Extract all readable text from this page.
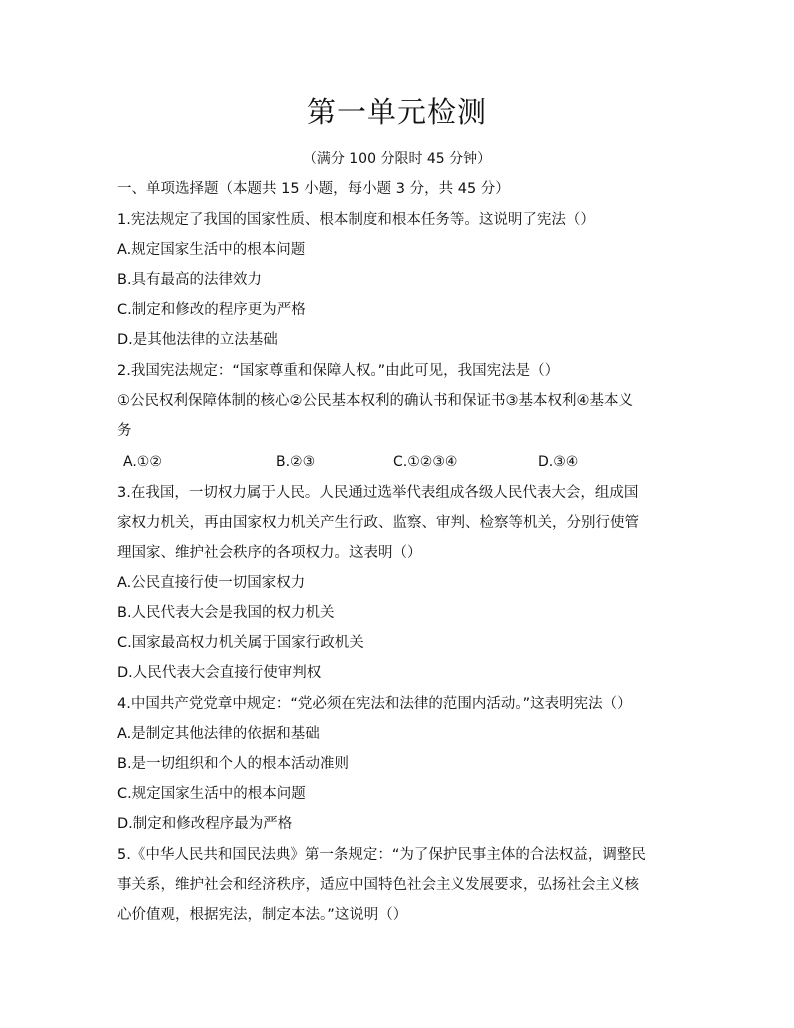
第一单元检测
（满分 100 分限时 45 分钟）
一、单项选择题（本题共 15 小题，每小题 3 分，共 45 分）
1.宪法规定了我国的国家性质、根本制度和根本任务等。这说明了宪法（）
A.规定国家生活中的根本问题
B.具有最高的法律效力
C.制定和修改的程序更为严格
D.是其他法律的立法基础
2.我国宪法规定：“国家尊重和保障人权。”由此可见，我国宪法是（）
①公民权利保障体制的核心②公民基本权利的确认书和保证书③基本权利④基本义
务
A.①②	B.②③	C.①②③④	D.③④
3.在我国，一切权力属于人民。人民通过选举代表组成各级人民代表大会，组成国
家权力机关，再由国家权力机关产生行政、监察、审判、检察等机关，分别行使管
理国家、维护社会秩序的各项权力。这表明（）
A.公民直接行使一切国家权力
B.人民代表大会是我国的权力机关
C.国家最高权力机关属于国家行政机关
D.人民代表大会直接行使审判权
4.中国共产党党章中规定：“党必须在宪法和法律的范围内活动。”这表明宪法（）
A.是制定其他法律的依据和基础
B.是一切组织和个人的根本活动准则
C.规定国家生活中的根本问题
D.制定和修改程序最为严格
5.《中华人民共和国民法典》第一条规定：“为了保护民事主体的合法权益，调整民
事关系，维护社会和经济秩序，适应中国特色社会主义发展要求，弘扬社会主义核
心价值观，根据宪法，制定本法。”这说明（）
